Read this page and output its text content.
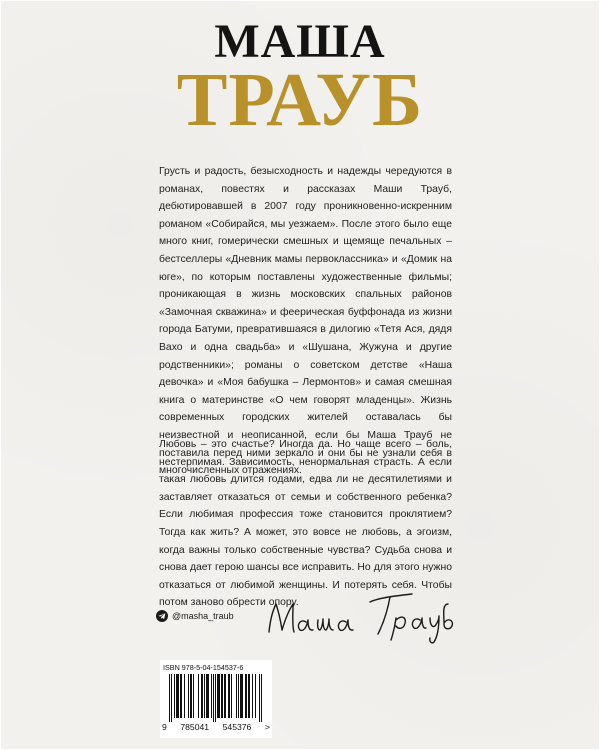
МАША
ТРАУБ

Грусть и радость, безысходность и надежды чередуются в романах, повестях и рассказах Маши Трауб, дебютировавшей в 2007 году проникновенно-искренним романом «Собирайся, мы уезжаем». После этого было еще много книг, гомерически смешных и щемяще печальных – бестселлеры «Дневник мамы первоклассника» и «Домик на юге», по которым поставлены художественные фильмы; проникающая в жизнь московских спальных районов «Замочная скважина» и феерическая буффонада из жизни города Батуми, превратившаяся в дилогию «Тетя Ася, дядя Вахо и одна свадьба» и «Шушана, Жужуна и другие родственники»; романы о советском детстве «Наша девочка» и «Моя бабушка – Лермонтов» и самая смешная книга о материнстве «О чем говорят младенцы». Жизнь современных городских жителей оставалась бы неизвестной и неописанной, если бы Маша Трауб не поставила перед ними зеркало и они бы не узнали себя в многочисленных отражениях.

Любовь – это счастье? Иногда да. Но чаще всего – боль, нестерпимая. Зависимость, ненормальная страсть. А если такая любовь длится годами, едва ли не десятилетиями и заставляет отказаться от семьи и собственного ребенка? Если любимая профессия тоже становится проклятием? Тогда как жить? А может, это вовсе не любовь, а эгоизм, когда важны только собственные чувства? Судьба снова и снова дает герою шансы все исправить. Но для этого нужно отказаться от любимой женщины. И потерять себя. Чтобы потом заново обрести опору.

@masha_traub
ISBN 978-5-04-154537-6
9 785041 545376 >
